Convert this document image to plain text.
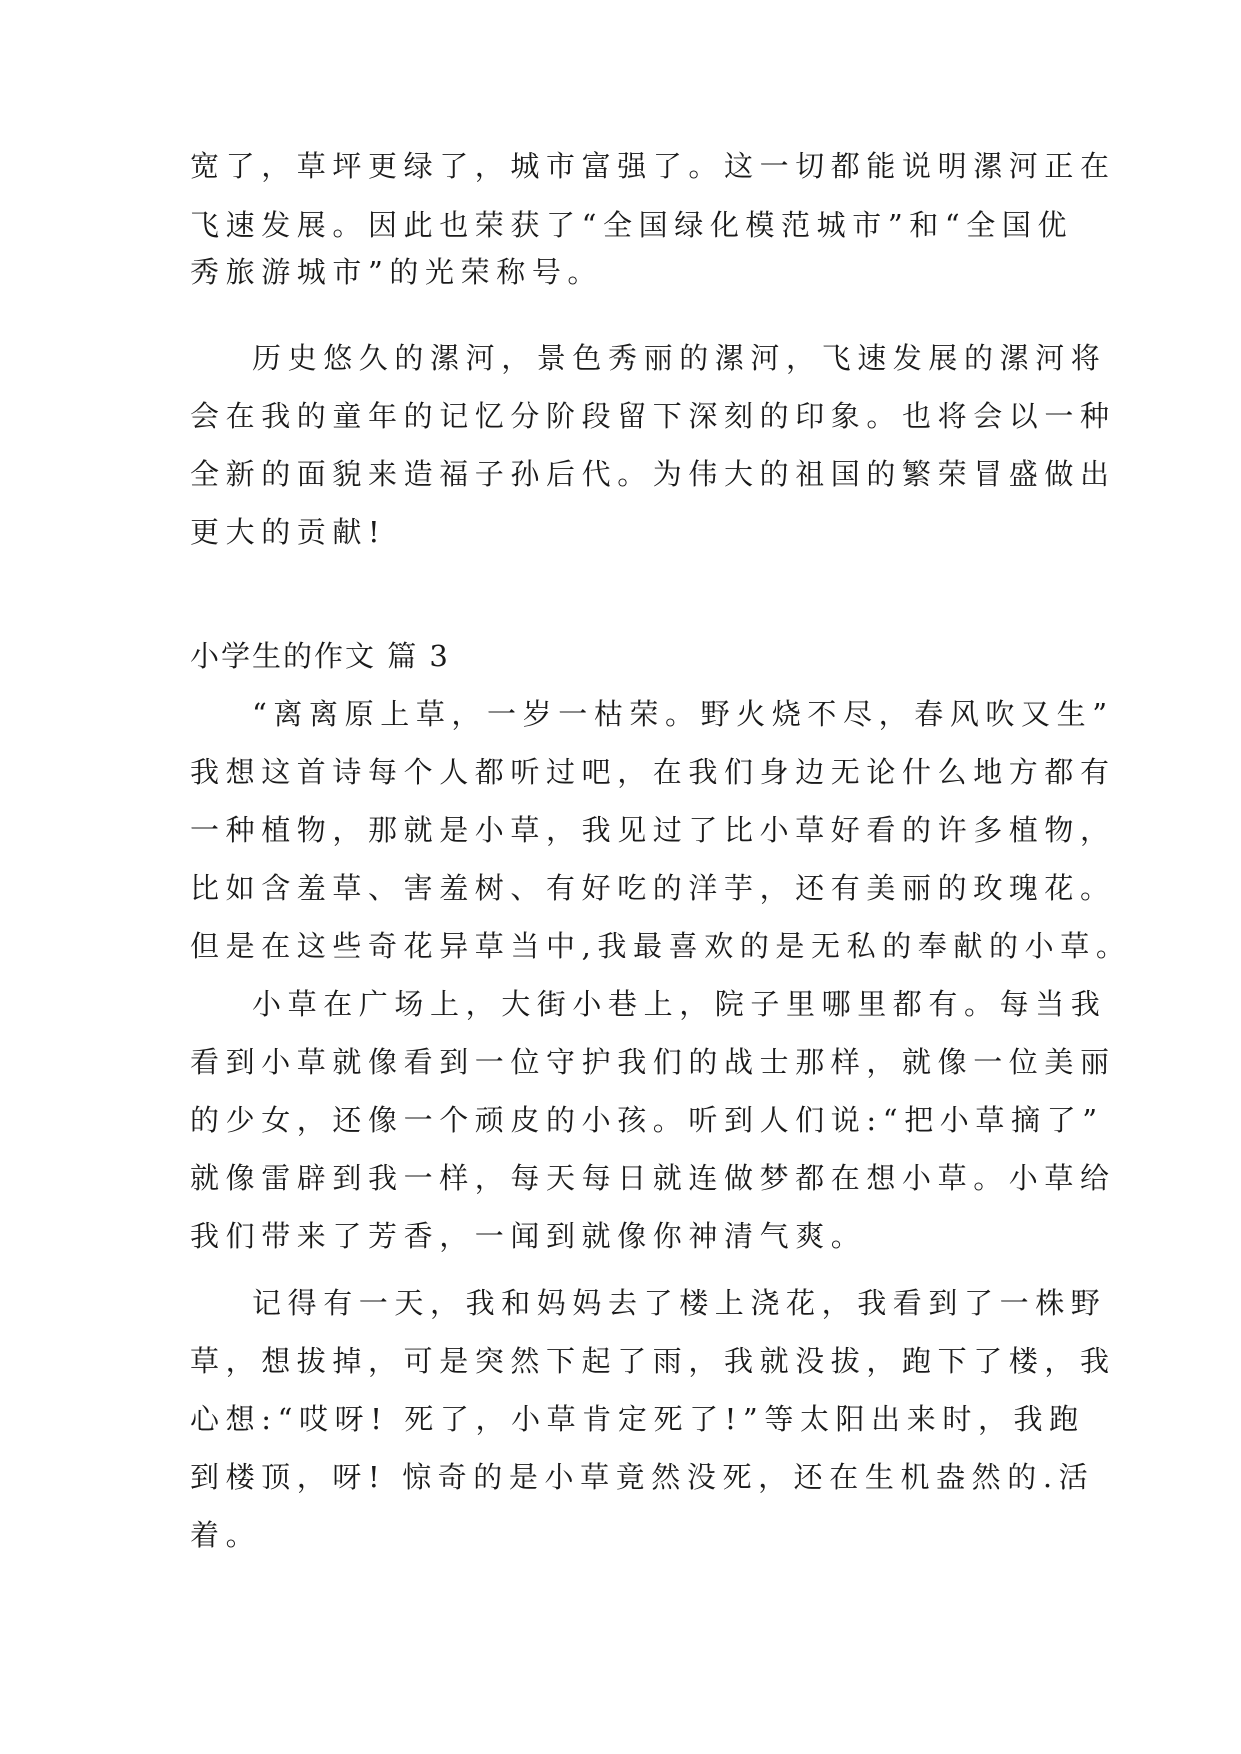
宽了，草坪更绿了，城市富强了。这一切都能说明漯河正在
飞速发展。因此也荣获了“全国绿化模范城市”和“全国优
秀旅游城市”的光荣称号。
历史悠久的漯河，景色秀丽的漯河，飞速发展的漯河将
会在我的童年的记忆分阶段留下深刻的印象。也将会以一种
全新的面貌来造福子孙后代。为伟大的祖国的繁荣冒盛做出
更大的贡献!
小学生的作文 篇 3
“离离原上草，一岁一枯荣。野火烧不尽，春风吹又生”
我想这首诗每个人都听过吧，在我们身边无论什么地方都有
一种植物，那就是小草，我见过了比小草好看的许多植物，
比如含羞草、害羞树、有好吃的洋芋，还有美丽的玫瑰花。
但是在这些奇花异草当中,我最喜欢的是无私的奉献的小草。
小草在广场上，大街小巷上，院子里哪里都有。每当我
看到小草就像看到一位守护我们的战士那样，就像一位美丽
的少女，还像一个顽皮的小孩。听到人们说:“把小草摘了”
就像雷辟到我一样，每天每日就连做梦都在想小草。小草给
我们带来了芳香，一闻到就像你神清气爽。
记得有一天，我和妈妈去了楼上浇花，我看到了一株野
草，想拔掉，可是突然下起了雨，我就没拔，跑下了楼，我
心想:“哎呀! 死了，小草肯定死了!”等太阳出来时，我跑
到楼顶，呀! 惊奇的是小草竟然没死，还在生机盎然的.活
着。
